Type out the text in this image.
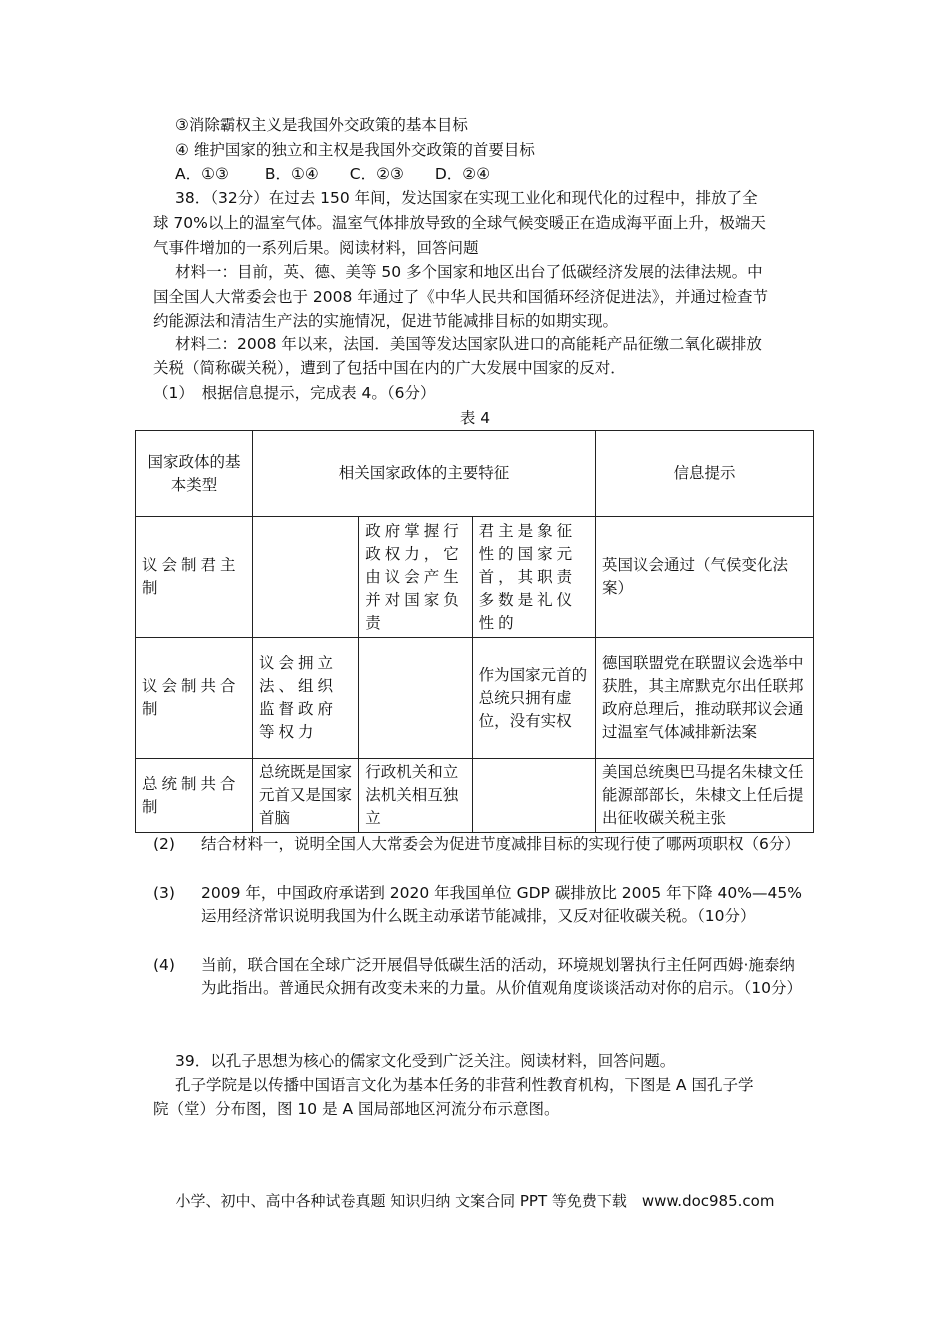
③消除霸权主义是我国外交政策的基本目标
④ 维护国家的独立和主权是我国外交政策的首要目标
A．①③　　 B．①④　　C．②③　　D．②④
38．（32分）在过去 150 年间，发达国家在实现工业化和现代化的过程中，排放了全
球 70%以上的温室气体。温室气体排放导致的全球气候变暖正在造成海平面上升，极端天
气事件增加的一系列后果。阅读材料，回答问题
材料一：目前，英、德、美等 50 多个国家和地区出台了低碳经济发展的法律法规。中
国全国人大常委会也于 2008 年通过了《中华人民共和国循环经济促进法》，并通过检查节
约能源法和清洁生产法的实施情况，促进节能减排目标的如期实现。
材料二：2008 年以来，法国．美国等发达国家队进口的高能耗产品征缴二氧化碳排放
关税（简称碳关税），遭到了包括中国在内的广大发展中国家的反对．
（1）　根据信息提示，完成表 4。（6分）
表 4
国家政体的基本类型	相关国家政体的主要特征			信息提示
议会制君主制		政府掌握行政权力，它由议会产生并对国家负责	君主是象征性的国家元首，其职责多数是礼仪性的	英国议会通过（气侯变化法案）
议会制共合制	议会拥立法、组织监督政府等权力		作为国家元首的总统只拥有虚位，没有实权	德国联盟党在联盟议会选举中获胜，其主席默克尔出任联邦政府总理后，推动联邦议会通过温室气体减排新法案
总统制共合制	总统既是国家元首又是国家首脑	行政机关和立法机关相互独立		美国总统奥巴马提名朱棣文任能源部部长，朱棣文上任后提出征收碳关税主张
(2) 结合材料一，说明全国人大常委会为促进节度减排目标的实现行使了哪两项职权（6分）
(3) 2009 年，中国政府承诺到 2020 年我国单位 GDP 碳排放比 2005 年下降 40%—45%运用经济常识说明我国为什么既主动承诺节能减排，又反对征收碳关税。（10分）
(4) 当前，联合国在全球广泛开展倡导低碳生活的活动，环境规划署执行主任阿西姆·施泰纳为此指出。普通民众拥有改变未来的力量。从价值观角度谈谈活动对你的启示。（10分）
39．以孔子思想为核心的儒家文化受到广泛关注。阅读材料，回答问题。
孔子学院是以传播中国语言文化为基本任务的非营利性教育机构，下图是 A 国孔子学
院（堂）分布图，图 10 是 A 国局部地区河流分布示意图。
小学、初中、高中各种试卷真题 知识归纳 文案合同 PPT 等免费下载　www.doc985.com
